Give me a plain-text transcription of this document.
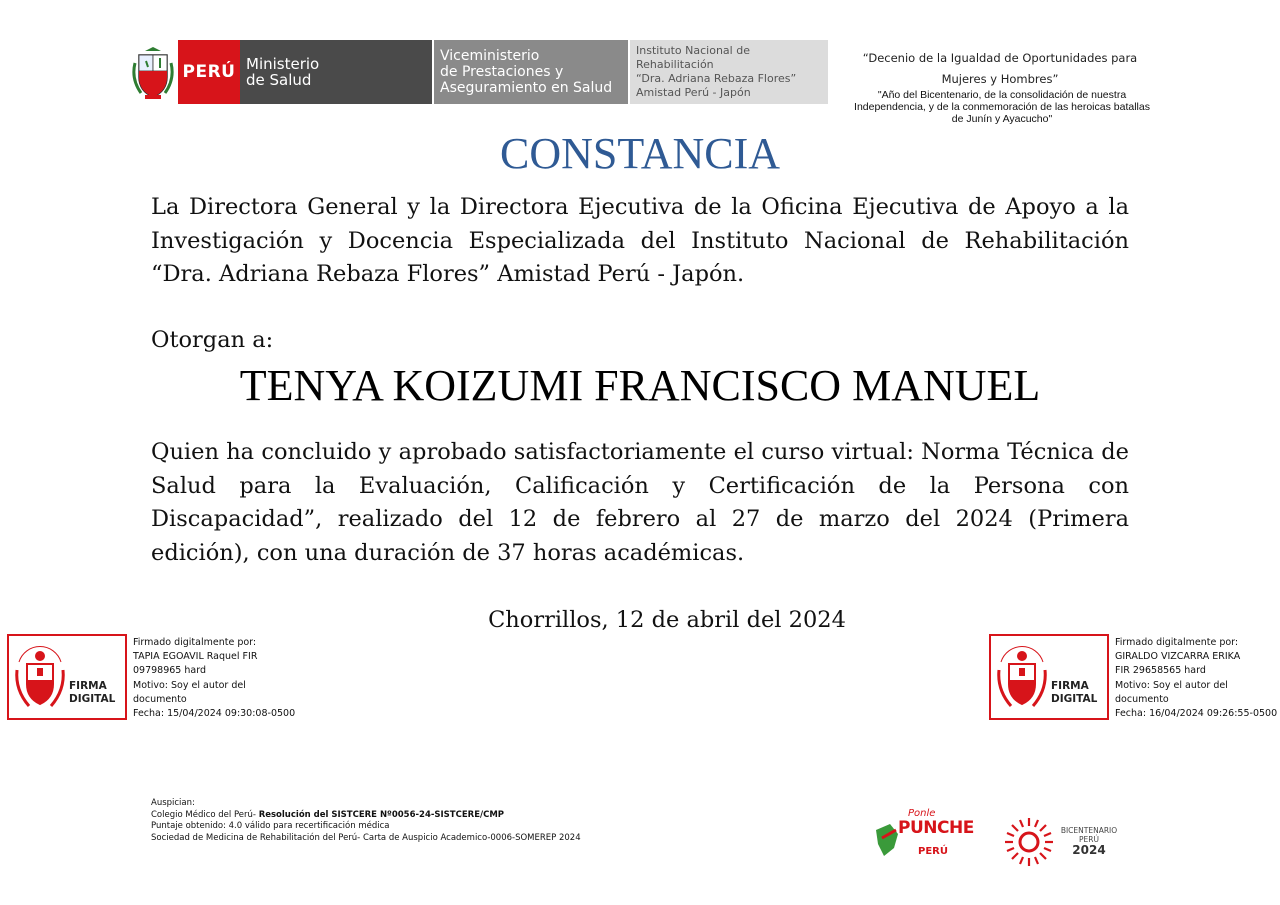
PERÚ Ministerio
de Salud
Viceministerio
de Prestaciones y
Aseguramiento en Salud
Instituto Nacional de Rehabilitación
“Dra. Adriana Rebaza Flores”
Amistad Perú - Japón
“Decenio de la Igualdad de Oportunidades para Mujeres y Hombres”
"Año del Bicentenario, de la consolidación de nuestra Independencia, y de la conmemoración de las heroicas batallas de Junín y Ayacucho"
CONSTANCIA
La Directora General y la Directora Ejecutiva de la Oficina Ejecutiva de Apoyo a la Investigación y Docencia Especializada del Instituto Nacional de Rehabilitación “Dra. Adriana Rebaza Flores” Amistad Perú - Japón.
Otorgan a:
TENYA KOIZUMI FRANCISCO MANUEL
Quien ha concluido y aprobado satisfactoriamente el curso virtual: Norma Técnica de Salud para la Evaluación, Calificación y Certificación de la Persona con Discapacidad”, realizado del 12 de febrero al 27 de marzo del 2024 (Primera edición), con una duración de 37 horas académicas.
Chorrillos, 12 de abril del 2024
FIRMA
DIGITAL
Firmado digitalmente por:
TAPIA EGOAVIL Raquel FIR
09798965 hard
Motivo: Soy el autor del
documento
Fecha: 15/04/2024 09:30:08-0500
FIRMA
DIGITAL
Firmado digitalmente por:
GIRALDO VIZCARRA ERIKA
FIR 29658565 hard
Motivo: Soy el autor del
documento
Fecha: 16/04/2024 09:26:55-0500
Auspician:
Colegio Médico del Perú- Resolución del SISTCERE Nº0056-24-SISTCERE/CMP
Puntaje obtenido: 4.0 válido para recertificación médica
Sociedad de Medicina de Rehabilitación del Perú- Carta de Auspicio Academico-0006-SOMEREP 2024
Ponle
PUNCHE
PERÚ
BICENTENARIO
PERÚ
2024
